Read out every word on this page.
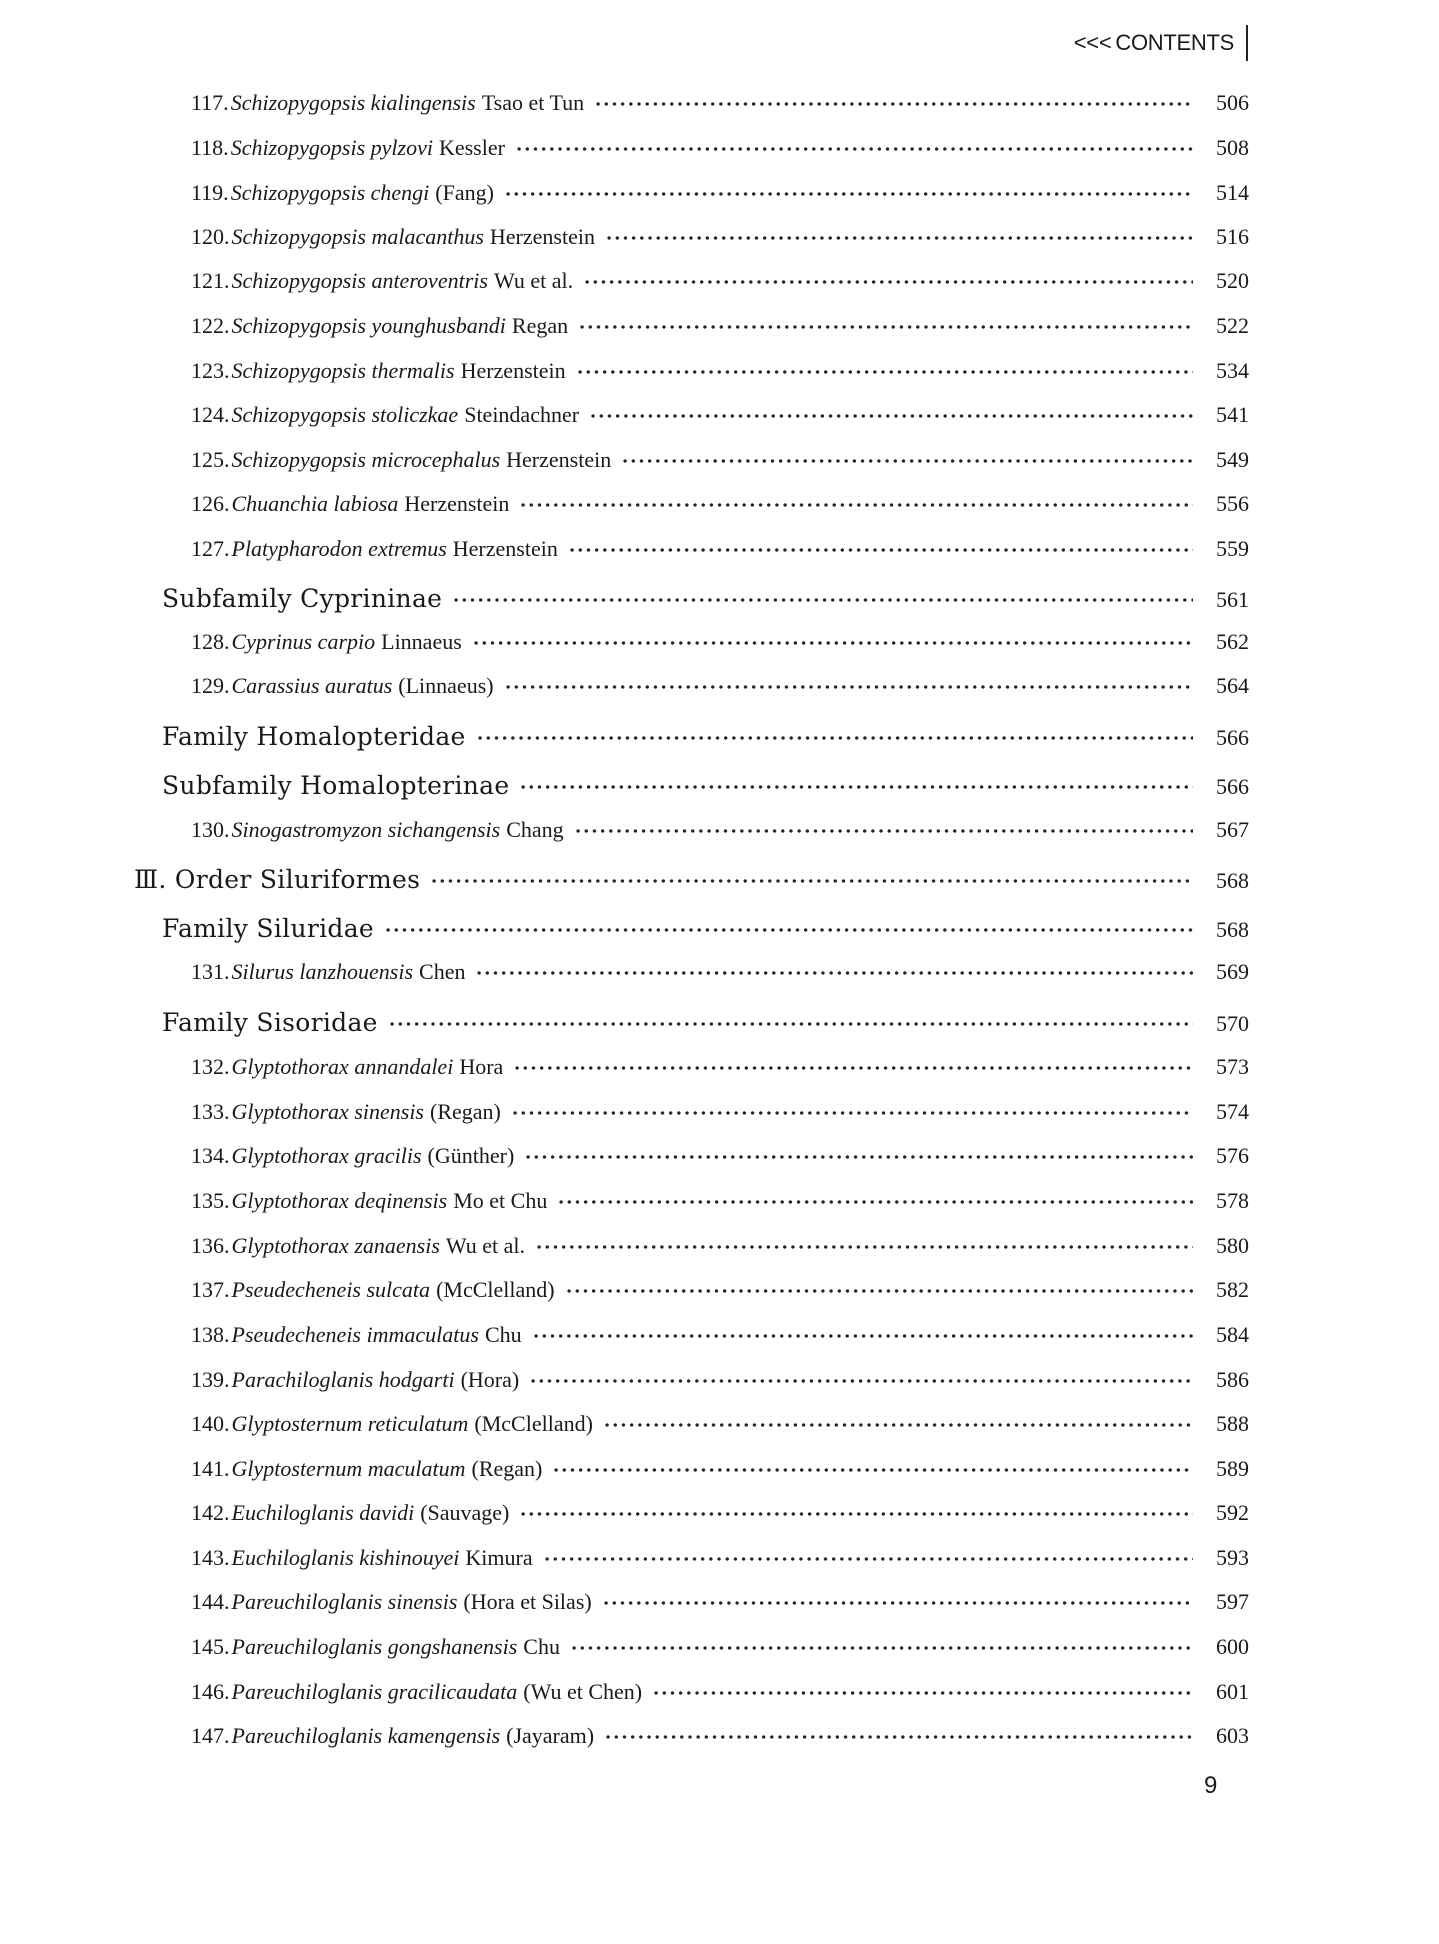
<<< CONTENTS
117.Schizopygopsis kialingensis Tsao et Tun	506
118.Schizopygopsis pylzovi Kessler	508
119.Schizopygopsis chengi (Fang)	514
120.Schizopygopsis malacanthus Herzenstein	516
121.Schizopygopsis anteroventris Wu et al.	520
122.Schizopygopsis younghusbandi Regan	522
123.Schizopygopsis thermalis Herzenstein	534
124.Schizopygopsis stoliczkae Steindachner	541
125.Schizopygopsis microcephalus Herzenstein	549
126.Chuanchia labiosa Herzenstein	556
127.Platypharodon extremus Herzenstein	559
Subfamily Cyprininae	561
128.Cyprinus carpio Linnaeus	562
129.Carassius auratus (Linnaeus)	564
Family Homalopteridae	566
Subfamily Homalopterinae	566
130.Sinogastromyzon sichangensis Chang	567
Ⅲ. Order Siluriformes	568
Family Siluridae	568
131.Silurus lanzhouensis Chen	569
Family Sisoridae	570
132.Glyptothorax annandalei Hora	573
133.Glyptothorax sinensis (Regan)	574
134.Glyptothorax gracilis (Günther)	576
135.Glyptothorax deqinensis Mo et Chu	578
136.Glyptothorax zanaensis Wu et al.	580
137.Pseudecheneis sulcata (McClelland)	582
138.Pseudecheneis immaculatus Chu	584
139.Parachiloglanis hodgarti (Hora)	586
140.Glyptosternum reticulatum (McClelland)	588
141.Glyptosternum maculatum (Regan)	589
142.Euchiloglanis davidi (Sauvage)	592
143.Euchiloglanis kishinouyei Kimura	593
144.Pareuchiloglanis sinensis (Hora et Silas)	597
145.Pareuchiloglanis gongshanensis Chu	600
146.Pareuchiloglanis gracilicaudata (Wu et Chen)	601
147.Pareuchiloglanis kamengensis (Jayaram)	603
9
